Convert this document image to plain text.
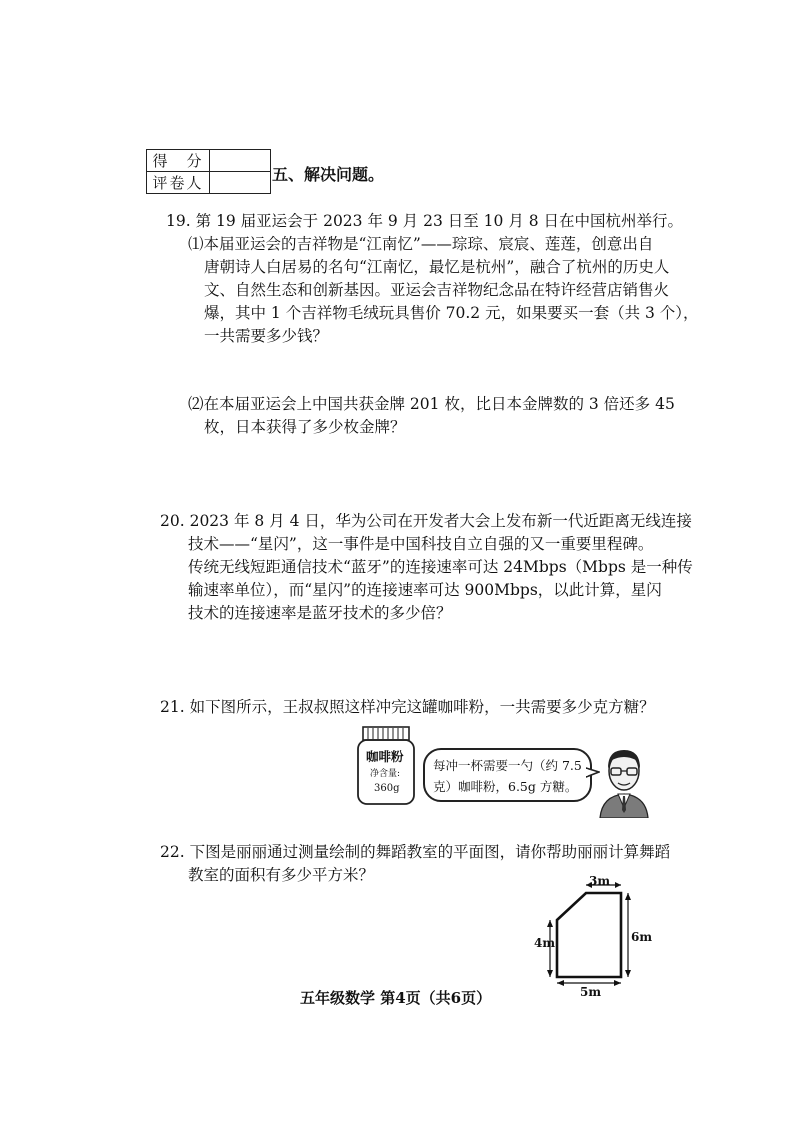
得　分	
评卷人		五、解决问题。
19. 第 19 届亚运会于 2023 年 9 月 23 日至 10 月 8 日在中国杭州举行。
⑴本届亚运会的吉祥物是“江南忆”——琮琮、宸宸、莲莲，创意出自
唐朝诗人白居易的名句“江南忆，最忆是杭州”，融合了杭州的历史人
文、自然生态和创新基因。亚运会吉祥物纪念品在特许经营店销售火
爆，其中 1 个吉祥物毛绒玩具售价 70.2 元，如果要买一套（共 3 个），
一共需要多少钱？
⑵在本届亚运会上中国共获金牌 201 枚，比日本金牌数的 3 倍还多 45
枚，日本获得了多少枚金牌？
20. 2023 年 8 月 4 日，华为公司在开发者大会上发布新一代近距离无线连接
技术——“星闪”，这一事件是中国科技自立自强的又一重要里程碑。
传统无线短距通信技术“蓝牙”的连接速率可达 24Mbps（Mbps 是一种传
输速率单位），而“星闪”的连接速率可达 900Mbps，以此计算，星闪
技术的连接速率是蓝牙技术的多少倍？
21. 如下图所示，王叔叔照这样冲完这罐咖啡粉，一共需要多少克方糖？
咖啡粉
净含量:
360g
每冲一杯需要一勺（约 7.5
克）咖啡粉，6.5g 方糖。
22. 下图是丽丽通过测量绘制的舞蹈教室的平面图，请你帮助丽丽计算舞蹈
教室的面积有多少平方米？	3m
4m	6m
5m
五年级数学 第4页（共6页）
